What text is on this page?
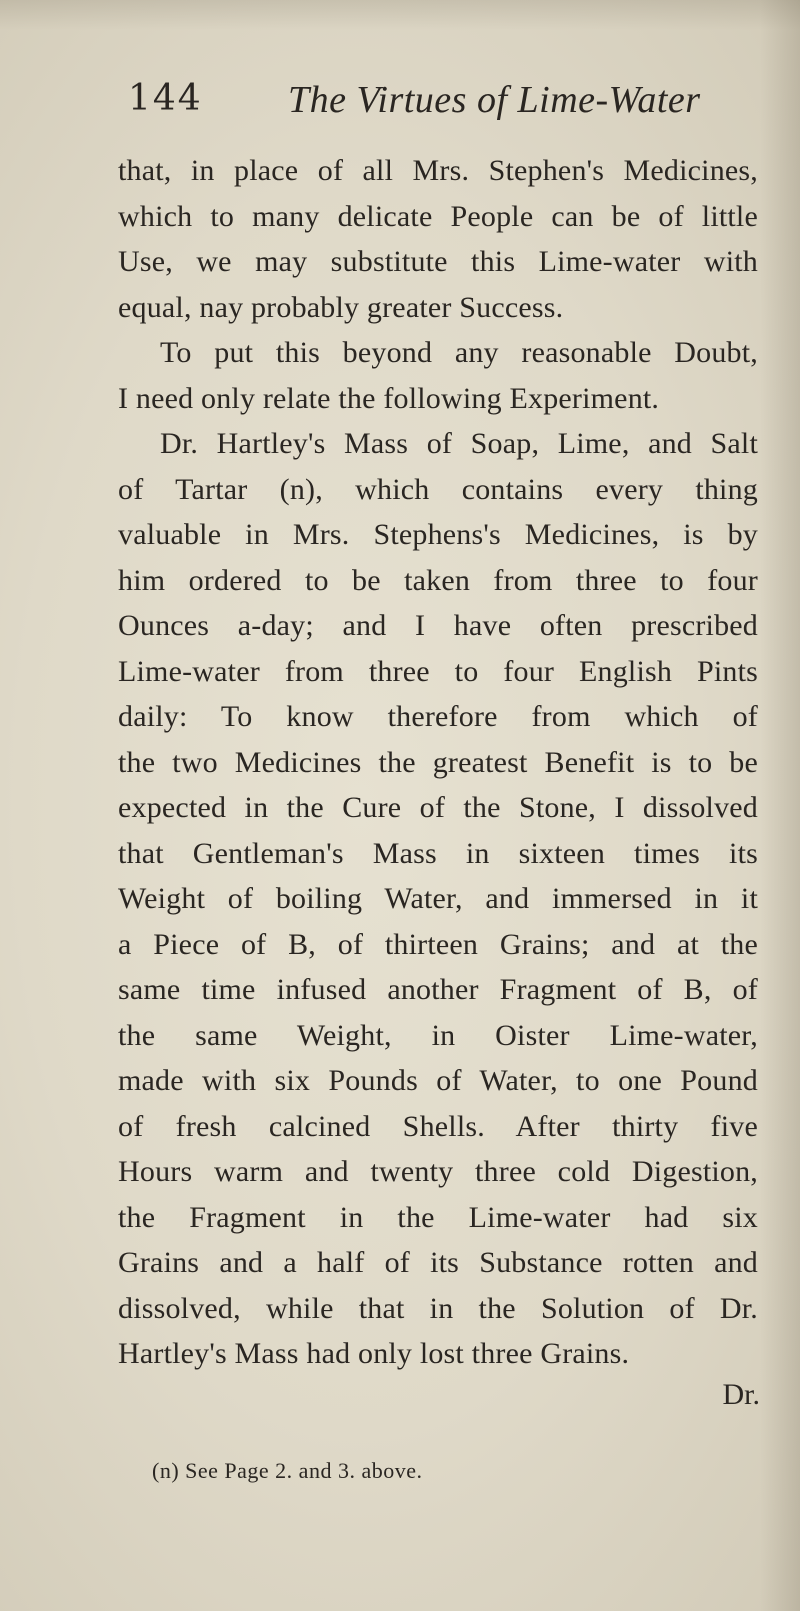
144 The Virtues of Lime-Water
that, in place of all Mrs. Stephen's Medicines,
which to many delicate People can be of little
Use, we may substitute this Lime-water with
equal, nay probably greater Success.
To put this beyond any reasonable Doubt,
I need only relate the following Experiment.
Dr. Hartley's Mass of Soap, Lime, and Salt
of Tartar (n), which contains every thing
valuable in Mrs. Stephens's Medicines, is by
him ordered to be taken from three to four
Ounces a-day; and I have often prescribed
Lime-water from three to four English Pints
daily: To know therefore from which of
the two Medicines the greatest Benefit is to be
expected in the Cure of the Stone, I dissolved
that Gentleman's Mass in sixteen times its
Weight of boiling Water, and immersed in it
a Piece of B, of thirteen Grains; and at the
same time infused another Fragment of B, of
the same Weight, in Oister Lime-water,
made with six Pounds of Water, to one Pound
of fresh calcined Shells. After thirty five
Hours warm and twenty three cold Digestion,
the Fragment in the Lime-water had six
Grains and a half of its Substance rotten and
dissolved, while that in the Solution of Dr.
Hartley's Mass had only lost three Grains.
Dr.
(n) See Page 2. and 3. above.
